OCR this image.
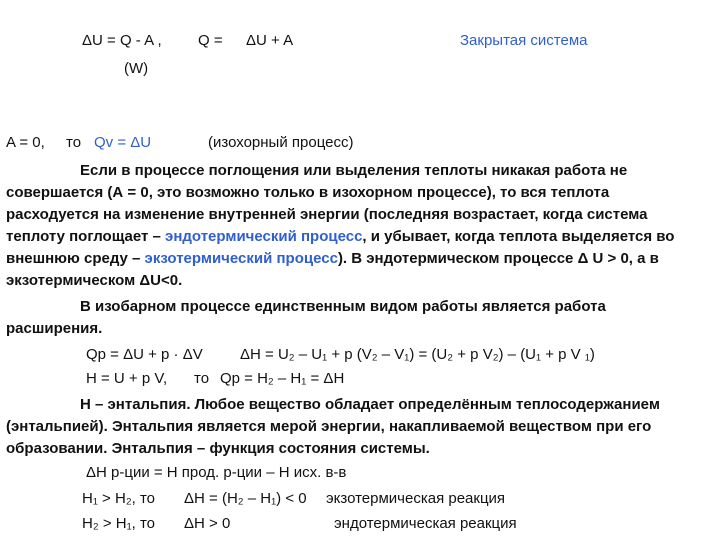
ΔU = Q - A ,
(W)
Q = ΔU + A	Закрытая система
A = 0, то Qv = ΔU	(изохорный процесс)
Если в процессе поглощения или выделения теплоты никакая работа не
совершается (А = 0, это возможно только в изохорном процессе), то вся теплота
расходуется на изменение внутренней энергии (последняя возрастает, когда система
теплоту поглощает – эндотермический процесс, и убывает, когда теплота выделяется во
внешнюю среду – экзотермический процесс). В эндотермическом процессе Δ U > 0, а в
экзотермическом ΔU<0.
В изобарном процессе единственным видом работы является работа
расширения.
Qp = ΔU + p · ΔV ΔH = U₂ – U₁ + p (V₂ – V₁) = (U₂ + p V₂) – (U₁ + p V ₁)
H = U + p V, то Qp = H₂ – H₁ = ΔH
H – энтальпия. Любое вещество обладает определённым теплосодержанием
(энтальпией). Энтальпия является мерой энергии, накапливаемой веществом при его
образовании. Энтальпия – функция состояния системы.
ΔH р-ции = H прод. р-ции – H исх. в-в
H₁ > H₂, то ΔH = (H₂ – H₁) < 0 экзотермическая реакция
H₂ > H₁, то ΔH > 0	эндотермическая реакция
